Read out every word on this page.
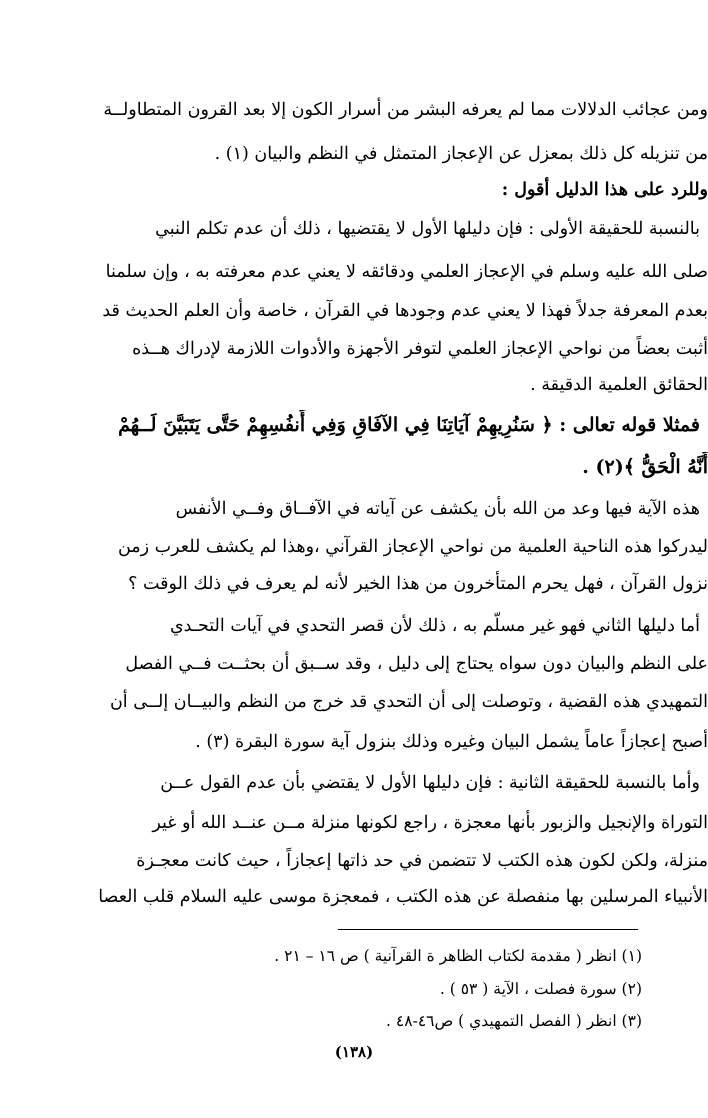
ومن عجائب الدلالات مما لم يعرفه البشر من أسرار الكون إلا بعد القرون المتطاولــة
من تنزيله كل ذلك بمعزل عن الإعجاز المتمثل في النظم والبيان (١) .
وللرد على هذا الدليل أقول :
بالنسبة للحقيقة الأولى : فإن دليلها الأول لا يقتضيها ، ذلك أن عدم تكلم النبي
صلى الله عليه وسلم في الإعجاز العلمي ودقائقه لا يعني عدم معرفته به ، وإن سلمنا
بعدم المعرفة جدلاً فهذا لا يعني عدم وجودها في القرآن ، خاصة وأن العلم الحديث قد
أثبت بعضاً من نواحي الإعجاز العلمي لتوفر الأجهزة والأدوات اللازمة لإدراك هــذه
الحقائق العلمية الدقيقة .
فمثلا قوله تعالى : ﴿ سَنُرِيهِمْ آيَاتِنَا فِي الآفَاقِ وَفِي أَنفُسِهِمْ حَتَّى يَتَبَيَّنَ لَــهُمْ
أَنَّهُ الْحَقُّ ﴾(٢) .
هذه الآية فيها وعد من الله بأن يكشف عن آياته في الآفــاق وفــي الأنفس
ليدركوا هذه الناحية العلمية من نواحي الإعجاز القرآني ،وهذا لم يكشف للعرب زمن
نزول القرآن ، فهل يحرم المتأخرون من هذا الخير لأنه لم يعرف في ذلك الوقت ؟
أما دليلها الثاني فهو غير مسلّم به ، ذلك لأن قصر التحدي في آيات التحـدي
على النظم والبيان دون سواه يحتاج إلى دليل ، وقد ســبق أن بحثــت فــي الفصل
التمهيدي هذه القضية ، وتوصلت إلى أن التحدي قد خرج من النظم والبيــان إلــى أن
أصبح إعجازاً عاماً يشمل البيان وغيره وذلك بنزول آية سورة البقرة (٣) .
وأما بالنسبة للحقيقة الثانية : فإن دليلها الأول لا يقتضي بأن عدم القول عــن
التوراة والإنجيل والزبور بأنها معجزة ، راجع لكونها منزلة مــن عنــد الله أو غير
منزلة، ولكن لكون هذه الكتب لا تتضمن في حد ذاتها إعجازاً ، حيث كانت معجـزة
الأنبياء المرسلين بها منفصلة عن هذه الكتب ، فمعجزة موسى عليه السلام قلب العصا
(١) انظر ( مقدمة لكتاب الظاهر ة القرآنية ) ص ١٦ – ٢١ .
(٢) سورة فصلت ، الآية ( ٥٣ ) .
(٣) انظر ( الفصل التمهيدي ) ص٤٦-٤٨ .
(١٣٨)
